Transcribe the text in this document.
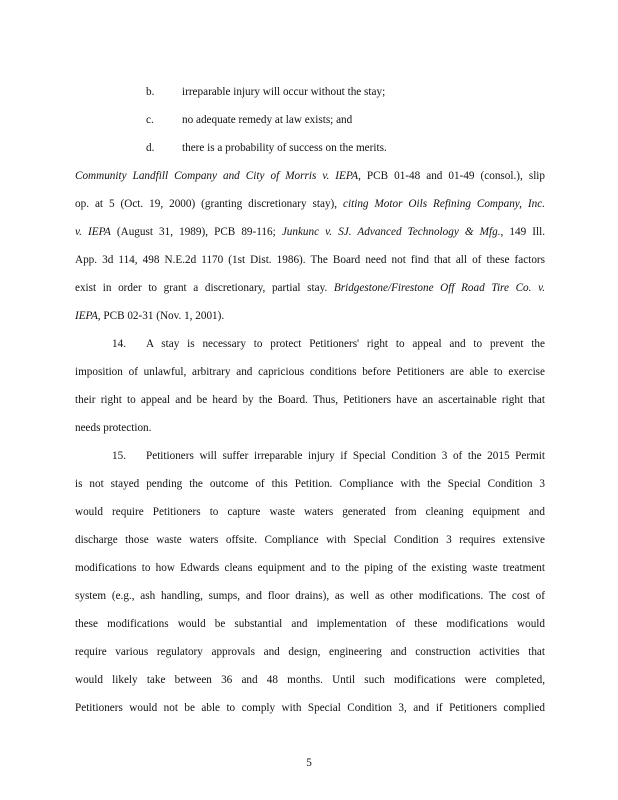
b. irreparable injury will occur without the stay;
c.	no adequate remedy at law exists; and
d. there is a probability of success on the merits.
Community Landfill Company and City of Morris v. IEPA, PCB 01-48 and 01-49 (consol.), slip
op. at 5 (Oct. 19, 2000) (granting discretionary stay), citing Motor Oils Refining Company, Inc.
v. IEPA (August 31, 1989), PCB 89-116; Junkunc v. SJ. Advanced Technology & Mfg., 149 Ill.
App. 3d 114, 498 N.E.2d 1170 (1st Dist. 1986). The Board need not find that all of these factors
exist in order to grant a discretionary, partial stay. Bridgestone/Firestone Off Road Tire Co. v.
IEPA, PCB 02-31 (Nov. 1, 2001).
14. A stay is necessary to protect Petitioners' right to appeal and to prevent the
imposition of unlawful, arbitrary and capricious conditions before Petitioners are able to exercise
their right to appeal and be heard by the Board. Thus, Petitioners have an ascertainable right that
needs protection.
15. Petitioners will suffer irreparable injury if Special Condition 3 of the 2015 Permit
is not stayed pending the outcome of this Petition. Compliance with the Special Condition 3
would require Petitioners to capture waste waters generated from cleaning equipment and
discharge those waste waters offsite. Compliance with Special Condition 3 requires extensive
modifications to how Edwards cleans equipment and to the piping of the existing waste treatment
system (e.g., ash handling, sumps, and floor drains), as well as other modifications. The cost of
these modifications would be substantial and implementation of these modifications would
require various regulatory approvals and design, engineering and construction activities that
would likely take between 36 and 48 months. Until such modifications were completed,
Petitioners would not be able to comply with Special Condition 3, and if Petitioners complied
5
